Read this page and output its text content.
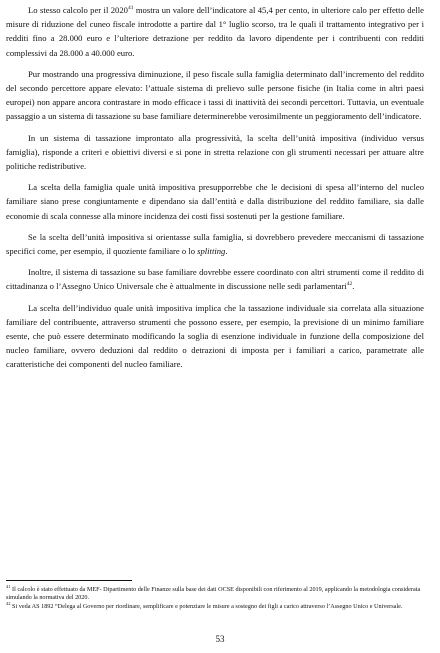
Lo stesso calcolo per il 2020$^{41}$ mostra un valore dell’indicatore al 45,4 per cento, in ulteriore calo per effetto delle misure di riduzione del cuneo fiscale introdotte a partire dal 1° luglio scorso, tra le quali il trattamento integrativo per i redditi fino a 28.000 euro e l’ulteriore detrazione per reddito da lavoro dipendente per i contribuenti con redditi complessivi da 28.000 a 40.000 euro.

Pur mostrando una progressiva diminuzione, il peso fiscale sulla famiglia determinato dall’incremento del reddito del secondo percettore appare elevato: l’attuale sistema di prelievo sulle persone fisiche (in Italia come in altri paesi europei) non appare ancora contrastare in modo efficace i tassi di inattività dei secondi percettori. Tuttavia, un eventuale passaggio a un sistema di tassazione su base familiare determinerebbe verosimilmente un peggioramento dell’indicatore.

In un sistema di tassazione improntato alla progressività, la scelta dell’unità impositiva (individuo versus famiglia), risponde a criteri e obiettivi diversi e si pone in stretta relazione con gli strumenti necessari per attuare altre politiche redistributive.

La scelta della famiglia quale unità impositiva presupporrebbe che le decisioni di spesa all’interno del nucleo familiare siano prese congiuntamente e dipendano sia dall’entità e dalla distribuzione del reddito familiare, sia dalle economie di scala connesse alla minore incidenza dei costi fissi sostenuti per la gestione familiare.

Se la scelta dell’unità impositiva si orientasse sulla famiglia, si dovrebbero prevedere meccanismi di tassazione specifici come, per esempio, il quoziente familiare o lo splitting.

Inoltre, il sistema di tassazione su base familiare dovrebbe essere coordinato con altri strumenti come il reddito di cittadinanza o l’Assegno Unico Universale che è attualmente in discussione nelle sedi parlamentari$^{42}$.

La scelta dell’individuo quale unità impositiva implica che la tassazione individuale sia correlata alla situazione familiare del contribuente, attraverso strumenti che possono essere, per esempio, la previsione di un minimo familiare esente, che può essere determinato modificando la soglia di esenzione individuale in funzione della composizione del nucleo familiare, ovvero deduzioni dal reddito o detrazioni di imposta per i familiari a carico, parametrate alle caratteristiche dei componenti del nucleo familiare.

$^{41}$ Il calcolo è stato effettuato da MEF- Dipartimento delle Finanze sulla base dei dati OCSE disponibili con riferimento al 2019, applicando la metodologia considerata simulando la normativa del 2020.

$^{42}$ Si veda AS 1892 “Delega al Governo per riordinare, semplificare e potenziare le misure a sostegno dei figli a carico attraverso l’Assegno Unico e Universale.

53
